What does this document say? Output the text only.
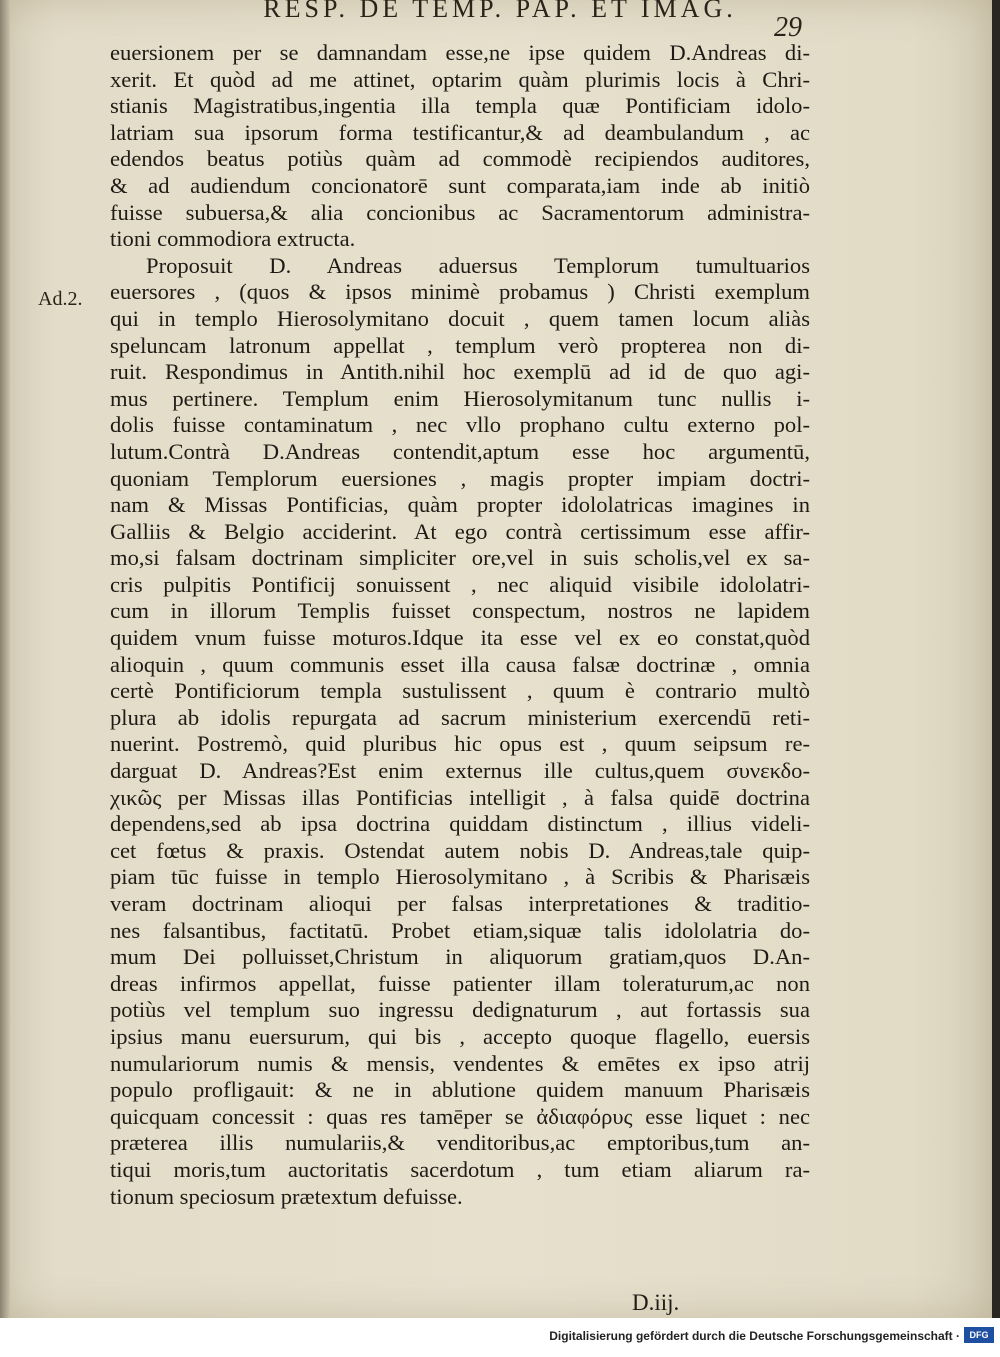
RESP. DE TEMP. PAP. ET IMAG.
29
Ad.2.
euersionem per se damnandam esse,ne ipse quidem D.Andreas di-
xerit. Et quòd ad me attinet, optarim quàm plurimis locis à Chri-
stianis Magistratibus,ingentia illa templa quæ Pontificiam idolo-
latriam sua ipsorum forma testificantur,& ad deambulandum , ac
edendos beatus potiùs quàm ad commodè recipiendos auditores,
& ad audiendum concionatorē sunt comparata,iam inde ab initiò
fuisse subuersa,& alia concionibus ac Sacramentorum administra-
tioni commodiora extructa.
Proposuit D. Andreas aduersus Templorum tumultuarios
euersores , (quos & ipsos minimè probamus ) Christi exemplum
qui in templo Hierosolymitano docuit , quem tamen locum aliàs
speluncam latronum appellat , templum verò propterea non di-
ruit. Respondimus in Antith.nihil hoc exemplū ad id de quo agi-
mus pertinere. Templum enim Hierosolymitanum tunc nullis i-
dolis fuisse contaminatum , nec vllo prophano cultu externo pol-
lutum.Contrà D.Andreas contendit,aptum esse hoc argumentū,
quoniam Templorum euersiones , magis propter impiam doctri-
nam & Missas Pontificias, quàm propter idololatricas imagines in
Galliis & Belgio acciderint. At ego contrà certissimum esse affir-
mo,si falsam doctrinam simpliciter ore,vel in suis scholis,vel ex sa-
cris pulpitis Pontificij sonuissent , nec aliquid visibile idololatri-
cum in illorum Templis fuisset conspectum, nostros ne lapidem
quidem vnum fuisse moturos.Idque ita esse vel ex eo constat,quòd
alioquin , quum communis esset illa causa falsæ doctrinæ , omnia
certè Pontificiorum templa sustulissent , quum è contrario multò
plura ab idolis repurgata ad sacrum ministerium exercendū reti-
nuerint. Postremò, quid pluribus hic opus est , quum seipsum re-
darguat D. Andreas?Est enim externus ille cultus,quem συνεκδο-
χικῶς per Missas illas Pontificias intelligit , à falsa quidē doctrina
dependens,sed ab ipsa doctrina quiddam distinctum , illius videli-
cet fœtus & praxis. Ostendat autem nobis D. Andreas,tale quip-
piam tūc fuisse in templo Hierosolymitano , à Scribis & Pharisæis
veram doctrinam alioqui per falsas interpretationes & traditio-
nes falsantibus, factitatū. Probet etiam,siquæ talis idololatria do-
mum Dei polluisset,Christum in aliquorum gratiam,quos D.An-
dreas infirmos appellat, fuisse patienter illam toleraturum,ac non
potiùs vel templum suo ingressu dedignaturum , aut fortassis sua
ipsius manu euersurum, qui bis , accepto quoque flagello, euersis
numulariorum numis & mensis, vendentes & emētes ex ipso atrij
populo profligauit: & ne in ablutione quidem manuum Pharisæis
quicquam concessit : quas res tamēper se ἀδιαφόρυς esse liquet : nec
præterea illis numulariis,& venditoribus,ac emptoribus,tum an-
tiqui moris,tum auctoritatis sacerdotum , tum etiam aliarum ra-
tionum speciosum prætextum defuisse.
D.iij.
Digitalisierung gefördert durch die Deutsche Forschungsgemeinschaft ·	DFG
